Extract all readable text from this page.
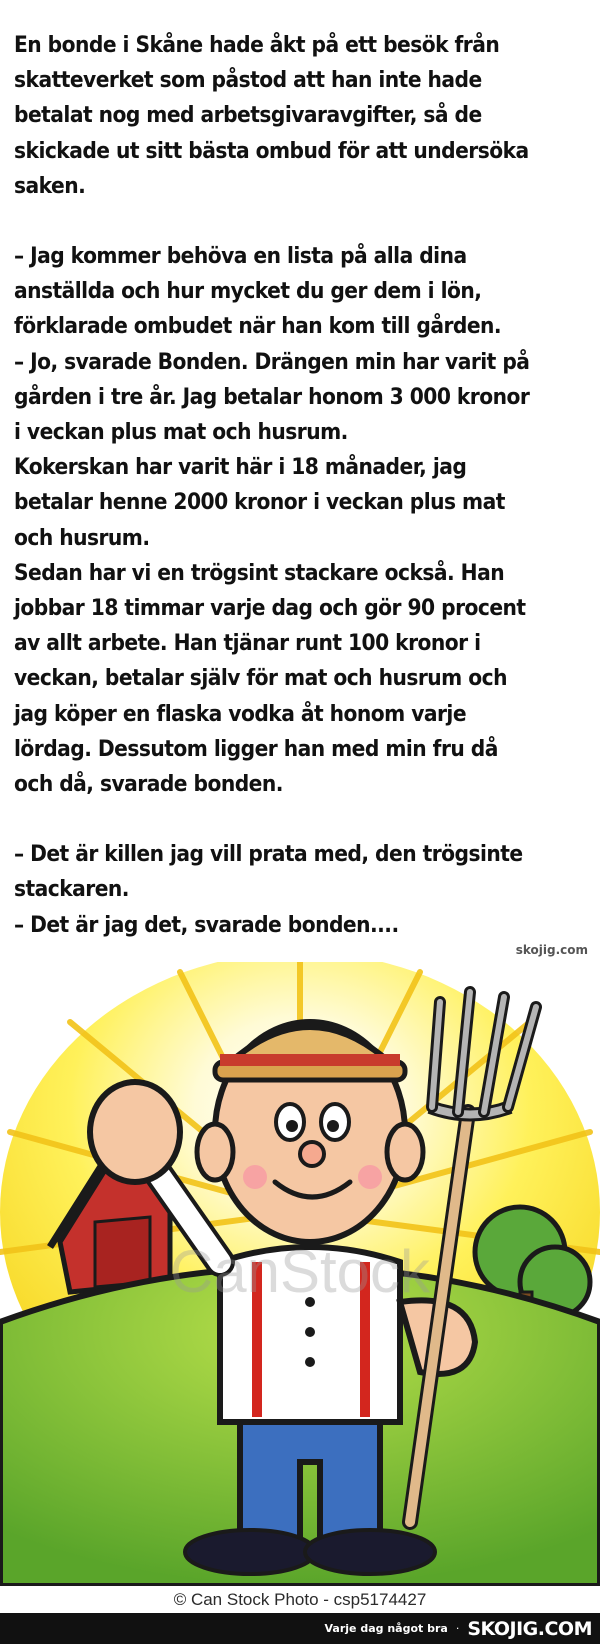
En bonde i Skåne hade åkt på ett besök från skatteverket som påstod att han inte hade betalat nog med arbetsgivaravgifter, så de skickade ut sitt bästa ombud för att undersöka saken.

– Jag kommer behöva en lista på alla dina anställda och hur mycket du ger dem i lön, förklarade ombudet när han kom till gården.

– Jo, svarade Bonden. Drängen min har varit på gården i tre år. Jag betalar honom 3 000 kronor i veckan plus mat och husrum.

Kokerskan har varit här i 18 månader, jag betalar henne 2000 kronor i veckan plus mat och husrum.

Sedan har vi en trögsint stackare också. Han jobbar 18 timmar varje dag och gör 90 procent av allt arbete. Han tjänar runt 100 kronor i veckan, betalar själv för mat och husrum och jag köper en flaska vodka åt honom varje lördag. Dessutom ligger han med min fru då och då, svarade bonden.

– Det är killen jag vill prata med, den trögsinte stackaren.

– Det är jag det, svarade bonden....

skojig.com
CanStock
© Can Stock Photo - csp5174427
Varje dag något bra · SKOJIG.COM
